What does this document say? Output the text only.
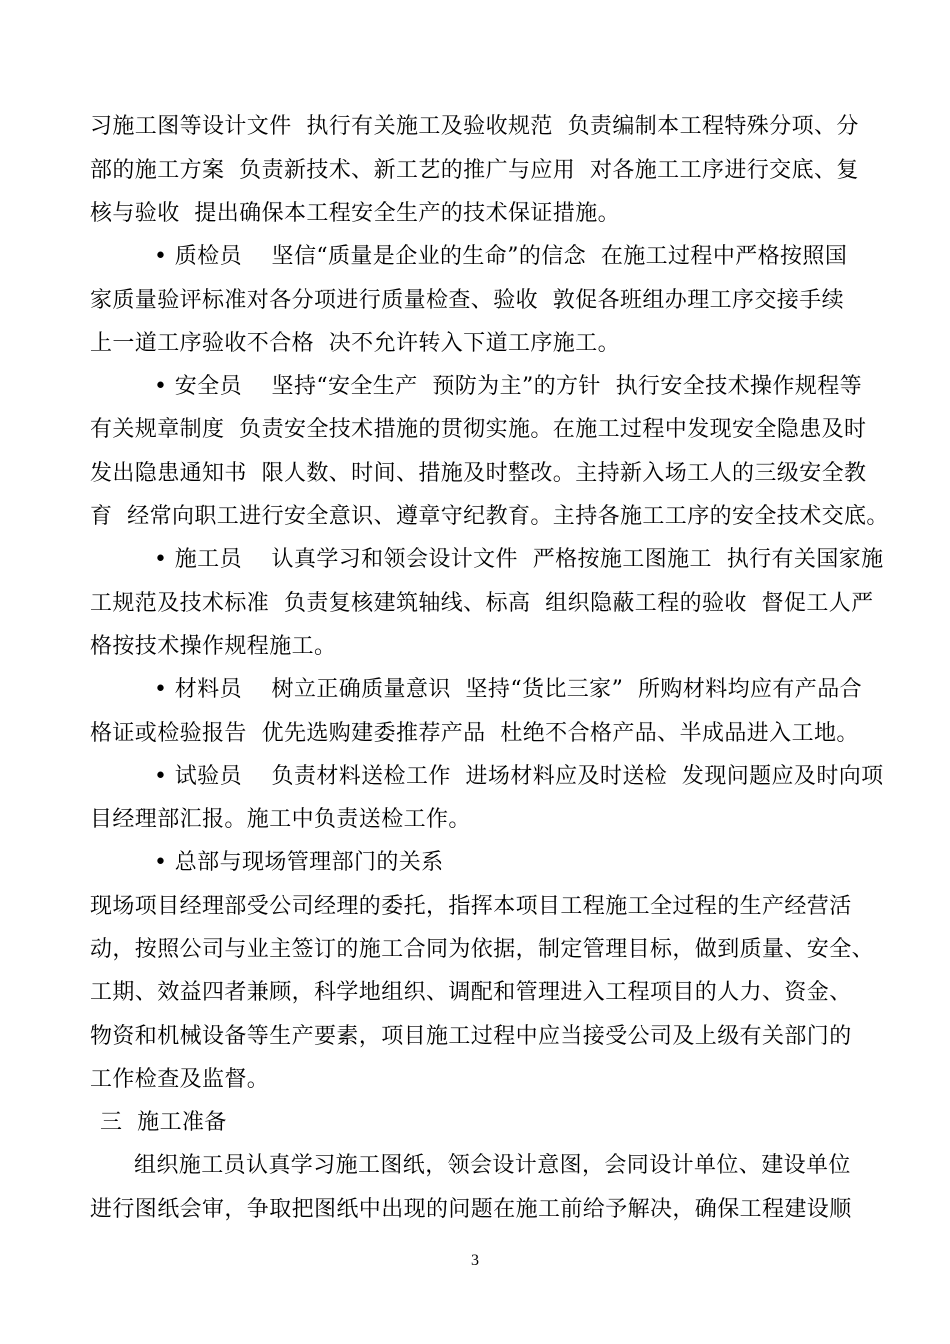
习施工图等设计文件  执行有关施工及验收规范  负责编制本工程特殊分项、分
部的施工方案  负责新技术、新工艺的推广与应用  对各施工工序进行交底、复
核与验收  提出确保本工程安全生产的技术保证措施。
• 质检员    坚信“质量是企业的生命”的信念  在施工过程中严格按照国
家质量验评标准对各分项进行质量检查、验收  敦促各班组办理工序交接手续
上一道工序验收不合格  决不允许转入下道工序施工。
• 安全员    坚持“安全生产  预防为主”的方针  执行安全技术操作规程等
有关规章制度  负责安全技术措施的贯彻实施。在施工过程中发现安全隐患及时
发出隐患通知书  限人数、时间、措施及时整改。主持新入场工人的三级安全教
育  经常向职工进行安全意识、遵章守纪教育。主持各施工工序的安全技术交底。
• 施工员    认真学习和领会设计文件  严格按施工图施工  执行有关国家施
工规范及技术标准  负责复核建筑轴线、标高  组织隐蔽工程的验收  督促工人严
格按技术操作规程施工。
• 材料员    树立正确质量意识  坚持“货比三家”  所购材料均应有产品合
格证或检验报告  优先选购建委推荐产品  杜绝不合格产品、半成品进入工地。
• 试验员    负责材料送检工作  进场材料应及时送检  发现问题应及时向项
目经理部汇报。施工中负责送检工作。
• 总部与现场管理部门的关系
现场项目经理部受公司经理的委托，指挥本项目工程施工全过程的生产经营活
动，按照公司与业主签订的施工合同为依据，制定管理目标，做到质量、安全、
工期、效益四者兼顾，科学地组织、调配和管理进入工程项目的人力、资金、
物资和机械设备等生产要素，项目施工过程中应当接受公司及上级有关部门的
工作检查及监督。
三  施工准备
组织施工员认真学习施工图纸，领会设计意图，会同设计单位、建设单位
进行图纸会审，争取把图纸中出现的问题在施工前给予解决，确保工程建设顺
3
